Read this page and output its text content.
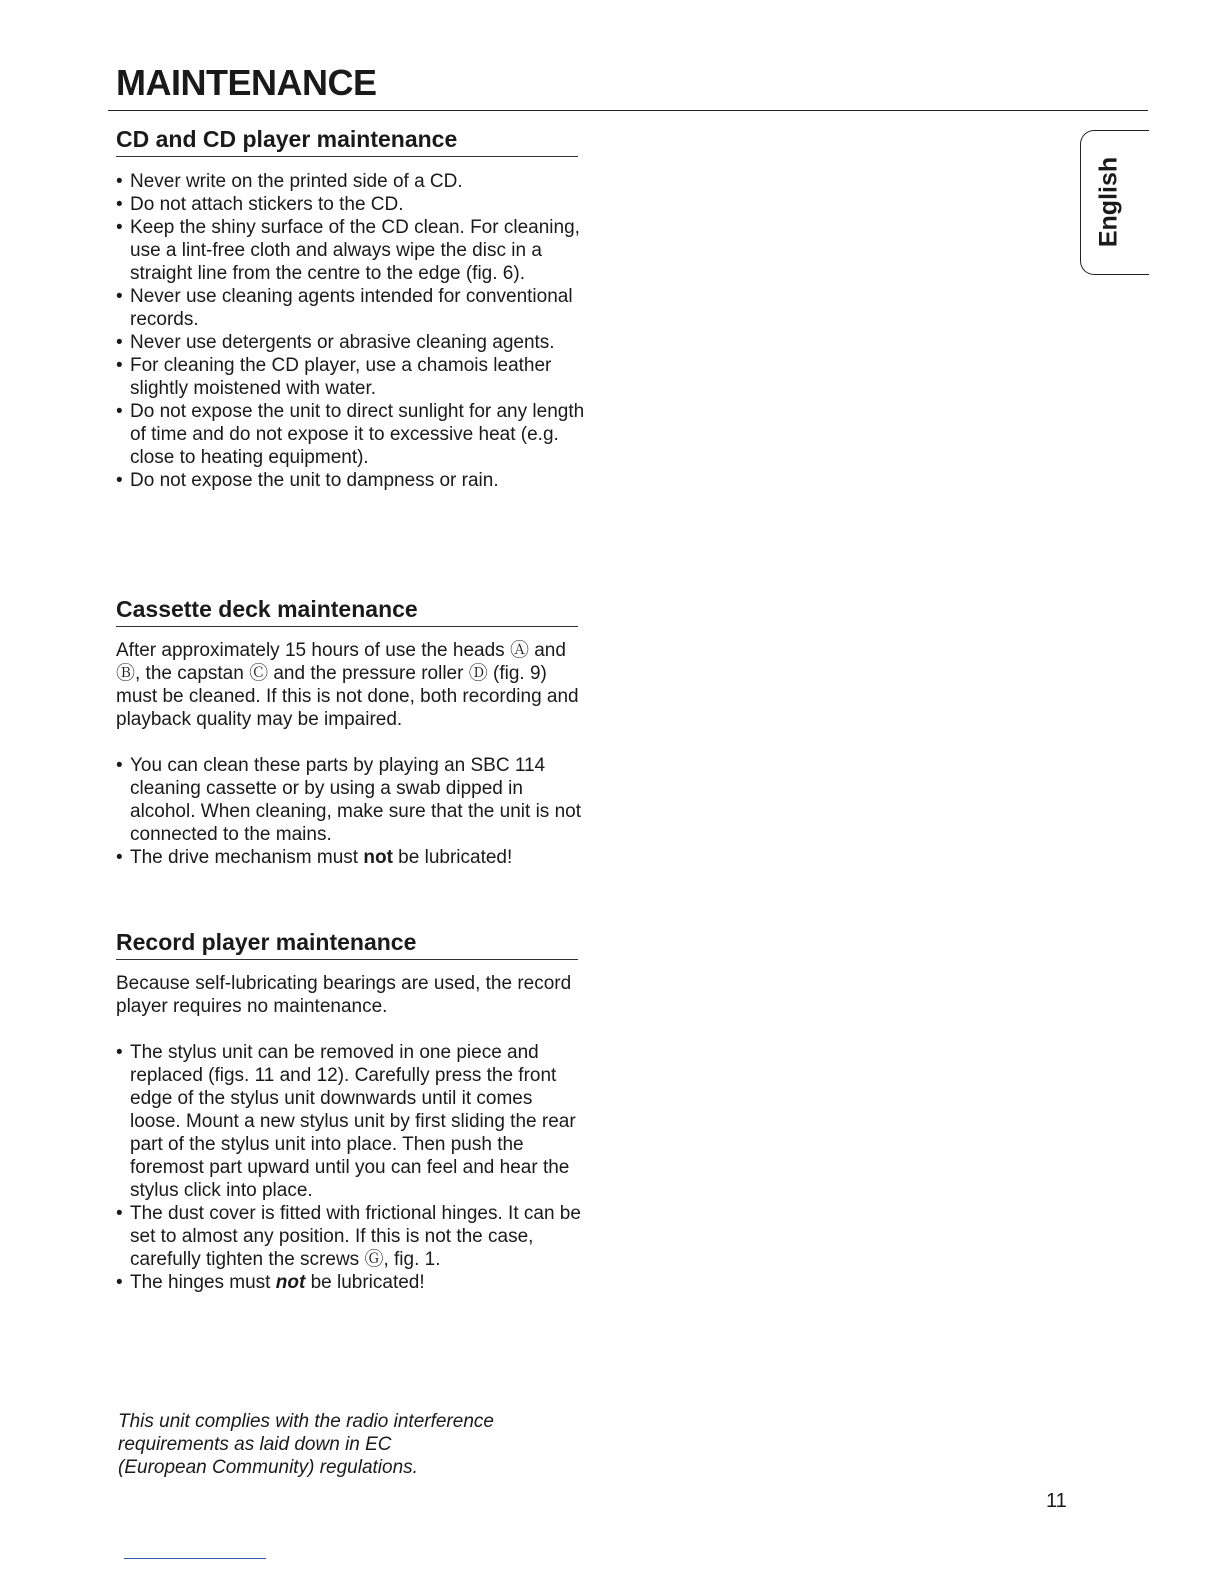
MAINTENANCE
English
CD and CD player maintenance
• Never write on the printed side of a CD.
• Do not attach stickers to the CD.
• Keep the shiny surface of the CD clean. For cleaning, use a lint-free cloth and always wipe the disc in a straight line from the centre to the edge (fig. 6).
• Never use cleaning agents intended for conventional records.
• Never use detergents or abrasive cleaning agents.
• For cleaning the CD player, use a chamois leather slightly moistened with water.
• Do not expose the unit to direct sunlight for any length of time and do not expose it to excessive heat (e.g. close to heating equipment).
• Do not expose the unit to dampness or rain.
Cassette deck maintenance

After approximately 15 hours of use the heads Ⓐ and Ⓑ, the capstan Ⓒ and the pressure roller Ⓓ (fig. 9) must be cleaned. If this is not done, both recording and playback quality may be impaired.

• You can clean these parts by playing an SBC 114 cleaning cassette or by using a swab dipped in alcohol. When cleaning, make sure that the unit is not connected to the mains.
• The drive mechanism must not be lubricated!
Record player maintenance

Because self-lubricating bearings are used, the record player requires no maintenance.

• The stylus unit can be removed in one piece and replaced (figs. 11 and 12). Carefully press the front edge of the stylus unit downwards until it comes loose. Mount a new stylus unit by first sliding the rear part of the stylus unit into place. Then push the foremost part upward until you can feel and hear the stylus click into place.
• The dust cover is fitted with frictional hinges. It can be set to almost any position. If this is not the case, carefully tighten the screws Ⓖ, fig. 1.
• The hinges must not be lubricated!

This unit complies with the radio interference
requirements as laid down in EC
(European Community) regulations.

11
